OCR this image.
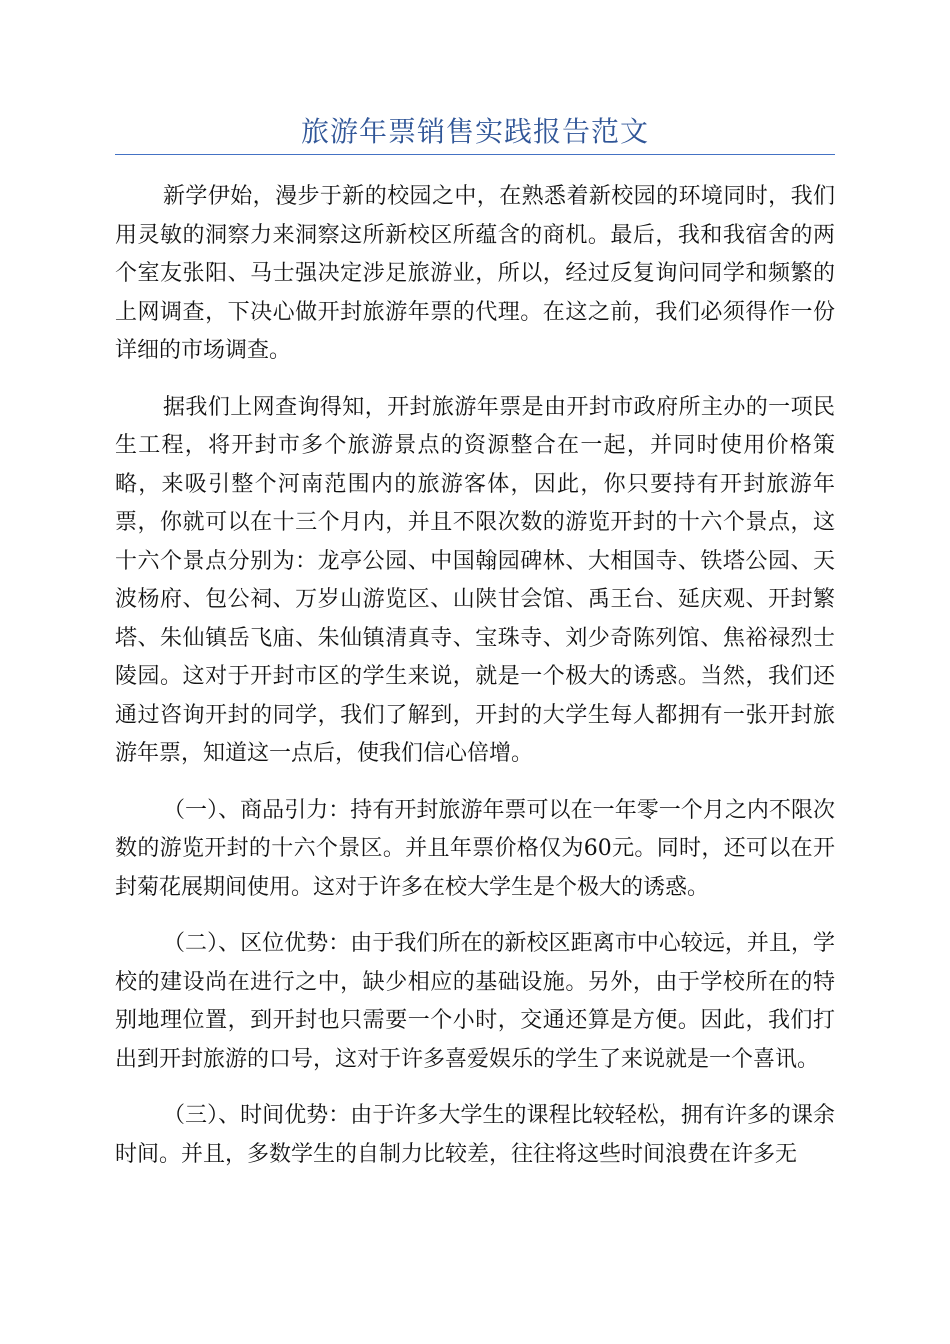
旅游年票销售实践报告范文

新学伊始，漫步于新的校园之中，在熟悉着新校园的环境同时，我们用灵敏的洞察力来洞察这所新校区所蕴含的商机。最后，我和我宿舍的两个室友张阳、马士强决定涉足旅游业，所以，经过反复询问同学和频繁的上网调查，下决心做开封旅游年票的代理。在这之前，我们必须得作一份详细的市场调查。

据我们上网查询得知，开封旅游年票是由开封市政府所主办的一项民生工程，将开封市多个旅游景点的资源整合在一起，并同时使用价格策略，来吸引整个河南范围内的旅游客体，因此，你只要持有开封旅游年票，你就可以在十三个月内，并且不限次数的游览开封的十六个景点，这十六个景点分别为：龙亭公园、中国翰园碑林、大相国寺、铁塔公园、天波杨府、包公祠、万岁山游览区、山陕甘会馆、禹王台、延庆观、开封繁塔、朱仙镇岳飞庙、朱仙镇清真寺、宝珠寺、刘少奇陈列馆、焦裕禄烈士陵园。这对于开封市区的学生来说，就是一个极大的诱惑。当然，我们还通过咨询开封的同学，我们了解到，开封的大学生每人都拥有一张开封旅游年票，知道这一点后，使我们信心倍增。

（一）、商品引力：持有开封旅游年票可以在一年零一个月之内不限次数的游览开封的十六个景区。并且年票价格仅为60元。同时，还可以在开封菊花展期间使用。这对于许多在校大学生是个极大的诱惑。

（二）、区位优势：由于我们所在的新校区距离市中心较远，并且，学校的建设尚在进行之中，缺少相应的基础设施。另外，由于学校所在的特别地理位置，到开封也只需要一个小时，交通还算是方便。因此，我们打出到开封旅游的口号，这对于许多喜爱娱乐的学生了来说就是一个喜讯。

（三）、时间优势：由于许多大学生的课程比较轻松，拥有许多的课余时间。并且，多数学生的自制力比较差，往往将这些时间浪费在许多无
